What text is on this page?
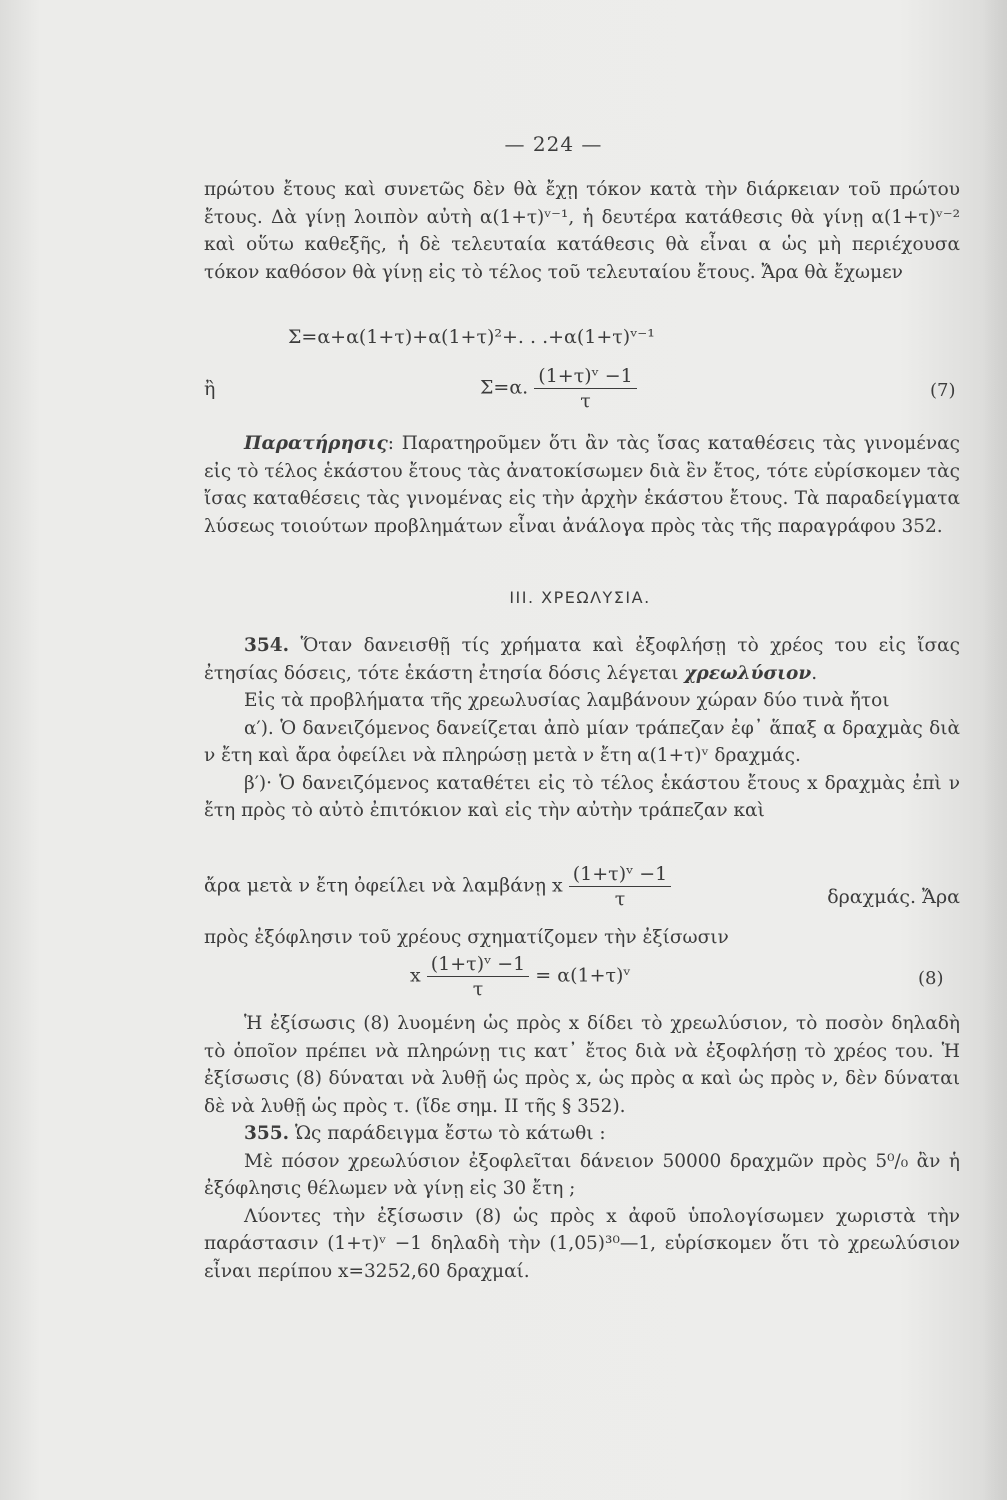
— 224 —

πρώτου ἔτους καὶ συνετῶς δὲν θὰ ἔχῃ τόκον κατὰ τὴν διάρκειαν τοῦ πρώτου ἔτους. Δὰ γίνῃ λοιπὸν αὐτὴ α(1+τ)ᵛ⁻¹, ἡ δευτέρα κατάθεσις θὰ γίνῃ α(1+τ)ᵛ⁻² καὶ οὕτω καθεξῆς, ἡ δὲ τελευταία κατάθεσις θὰ εἶναι α ὡς μὴ περιέχουσα τόκον καθόσον θὰ γίνῃ εἰς τὸ τέλος τοῦ τελευταίου ἔτους. Ἄρα θὰ ἔχωμεν

Σ=α+α(1+τ)+α(1+τ)²+. . .+α(1+τ)ᵛ⁻¹
ἢ	Σ=α. $\frac{\text{(1+τ)ᵛ −1}}{\tau}$	(7)

Παρατήρησις: Παρατηροῦμεν ὅτι ἂν τὰς ἴσας καταθέσεις τὰς γινομένας εἰς τὸ τέλος ἑκάστου ἔτους τὰς ἀνατοκίσωμεν διὰ ἓν ἔτος, τότε εὑρίσκομεν τὰς ἴσας καταθέσεις τὰς γινομένας εἰς τὴν ἀρχὴν ἑκάστου ἔτους. Τὰ παραδείγματα λύσεως τοιούτων προβλημάτων εἶναι ἀνάλογα πρὸς τὰς τῆς παραγράφου 352.

III. ΧΡΕΩΛΥΣΙΑ.

354. Ὅταν δανεισθῇ τίς χρήματα καὶ ἐξοφλήσῃ τὸ χρέος του εἰς ἴσας ἐτησίας δόσεις, τότε ἑκάστη ἐτησία δόσις λέγεται χρεωλύσιον.

Εἰς τὰ προβλήματα τῆς χρεωλυσίας λαμβάνουν χώραν δύο τινὰ ἤτοι

α′). Ὁ δανειζόμενος δανείζεται ἀπὸ μίαν τράπεζαν ἐφ᾽ ἅπαξ α δραχμὰς διὰ ν ἔτη καὶ ἄρα ὀφείλει νὰ πληρώσῃ μετὰ ν ἔτη α(1+τ)ᵛ δραχμάς.

β′)· Ὁ δανειζόμενος καταθέτει εἰς τὸ τέλος ἑκάστου ἔτους x δραχμὰς ἐπὶ ν ἔτη πρὸς τὸ αὐτὸ ἐπιτόκιον καὶ εἰς τὴν αὐτὴν τράπεζαν καὶ

ἄρα μετὰ ν ἔτη ὀφείλει νὰ λαμβάνῃ x $\frac{\text{(1+τ)ᵛ −1}}{\tau}$	δραχμάς. Ἄρα

πρὸς ἐξόφλησιν τοῦ χρέους σχηματίζομεν τὴν ἐξίσωσιν

x $\frac{\text{(1+τ)ᵛ −1}}{\tau}$ = α(1+τ)ᵛ	(8)

Ἡ ἐξίσωσις (8) λυομένη ὡς πρὸς x δίδει τὸ χρεωλύσιον, τὸ ποσὸν δηλαδὴ τὸ ὁποῖον πρέπει νὰ πληρώνῃ τις κατ᾽ ἔτος διὰ νὰ ἐξοφλήσῃ τὸ χρέος του. Ἡ ἐξίσωσις (8) δύναται νὰ λυθῇ ὡς πρὸς x, ὡς πρὸς α καὶ ὡς πρὸς ν, δὲν δύναται δὲ νὰ λυθῇ ὡς πρὸς τ. (ἴδε σημ. II τῆς § 352).

355. Ὡς παράδειγμα ἔστω τὸ κάτωθι :

Μὲ πόσον χρεωλύσιον ἐξοφλεῖται δάνειον 50000 δραχμῶν πρὸς 5⁰/₀ ἂν ἡ ἐξόφλησις θέλωμεν νὰ γίνῃ εἰς 30 ἔτη ;

Λύοντες τὴν ἐξίσωσιν (8) ὡς πρὸς x ἀφοῦ ὑπολογίσωμεν χωριστὰ τὴν παράστασιν (1+τ)ᵛ −1 δηλαδὴ τὴν (1,05)³⁰—1, εὑρίσκομεν ὅτι τὸ χρεωλύσιον εἶναι περίπου x=3252,60 δραχμαί.
